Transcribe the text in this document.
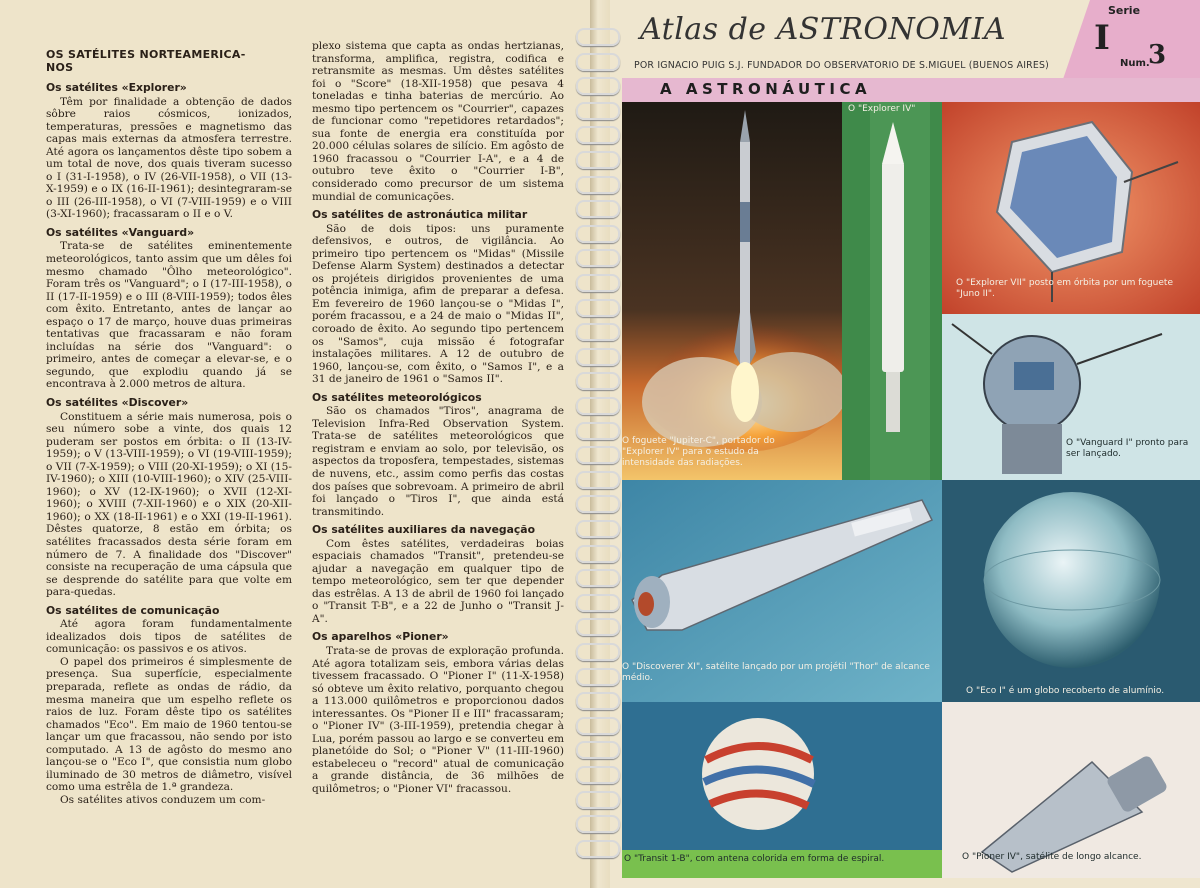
OS SATÉLITES NORTEAMERICA-
NOS
Os satélites «Explorer»

Têm por finalidade a obtenção de dados sôbre raios cósmicos, ionizados, temperaturas, pressões e magnetismo das capas mais externas da atmosfera terrestre. Até agora os lançamentos dêste tipo sobem a um total de nove, dos quais tiveram sucesso o I (31-I-1958), o IV (26-VII-1958), o VII (13-X-1959) e o IX (16-II-1961); desintegraram-se o III (26-III-1958), o VI (7-VIII-1959) e o VIII (3-XI-1960); fracassaram o II e o V.

Os satélites «Vanguard»

Trata-se de satélites eminentemente meteorológicos, tanto assim que um dêles foi mesmo chamado "Ôlho meteorológico". Foram três os "Vanguard"; o I (17-III-1958), o II (17-II-1959) e o III (8-VIII-1959); todos êles com êxito. Entretanto, antes de lançar ao espaço o 17 de março, houve duas primeiras tentativas que fracassaram e não foram incluídas na série dos "Vanguard": o primeiro, antes de começar a elevar-se, e o segundo, que explodiu quando já se encontrava à 2.000 metros de altura.

Os satélites «Discover»

Constituem a série mais numerosa, pois o seu número sobe a vinte, dos quais 12 puderam ser postos em órbita: o II (13-IV-1959); o V (13-VIII-1959); o VI (19-VIII-1959); o VII (7-X-1959); o VIII (20-XI-1959); o XI (15-IV-1960); o XIII (10-VIII-1960); o XIV (25-VIII-1960); o XV (12-IX-1960); o XVII (12-XI-1960); o XVIII (7-XII-1960) e o XIX (20-XII-1960); o XX (18-II-1961) e o XXI (19-II-1961). Dêstes quatorze, 8 estão em órbita; os satélites fracassados desta série foram em número de 7. A finalidade dos "Discover" consiste na recuperação de uma cápsula que se desprende do satélite para que volte em para-quedas.

Os satélites de comunicação

Até agora foram fundamentalmente idealizados dois tipos de satélites de comunicação: os passivos e os ativos.

O papel dos primeiros é simplesmente de presença. Sua superfície, especialmente preparada, reflete as ondas de rádio, da mesma maneira que um espelho reflete os raios de luz. Foram dêste tipo os satélites chamados "Eco". Em maio de 1960 tentou-se lançar um que fracassou, não sendo por isto computado. A 13 de agôsto do mesmo ano lançou-se o "Eco I", que consistia num globo iluminado de 30 metros de diâmetro, visível como uma estrêla de 1.ª grandeza.

Os satélites ativos conduzem um com-

plexo sistema que capta as ondas hertzianas, transforma, amplifica, registra, codifica e retransmite as mesmas. Um dêstes satélites foi o "Score" (18-XII-1958) que pesava 4 toneladas e tinha baterias de mercúrio. Ao mesmo tipo pertencem os "Courrier", capazes de funcionar como "repetidores retardados"; sua fonte de energia era constituída por 20.000 células solares de silício. Em agôsto de 1960 fracassou o "Courrier I-A", e a 4 de outubro teve êxito o "Courrier I-B", considerado como precursor de um sistema mundial de comunicações.

Os satélites de astronáutica militar

São de dois tipos: uns puramente defensivos, e outros, de vigilância. Ao primeiro tipo pertencem os "Midas" (Missile Defense Alarm System) destinados a detectar os projéteis dirigidos provenientes de uma potência inimiga, afim de preparar a defesa. Em fevereiro de 1960 lançou-se o "Midas I", porém fracassou, e a 24 de maio o "Midas II", coroado de êxito. Ao segundo tipo pertencem os "Samos", cuja missão é fotografar instalações militares. A 12 de outubro de 1960, lançou-se, com êxito, o "Samos I", e a 31 de janeiro de 1961 o "Samos II".

Os satélites meteorológicos

São os chamados "Tiros", anagrama de Television Infra-Red Observation System. Trata-se de satélites meteorológicos que registram e enviam ao solo, por televisão, os aspectos da troposfera, tempestades, sistemas de nuvens, etc., assim como perfis das costas dos países que sobrevoam. A primeiro de abril foi lançado o "Tiros I", que ainda está transmitindo.

Os satélites auxiliares da navegação

Com êstes satélites, verdadeiras boias espaciais chamados "Transit", pretendeu-se ajudar a navegação em qualquer tipo de tempo meteorológico, sem ter que depender das estrêlas. A 13 de abril de 1960 foi lançado o "Transit T-B", e a 22 de Junho o "Transit J-A".

Os aparelhos «Pioner»

Trata-se de provas de exploração profunda. Até agora totalizam seis, embora várias delas tivessem fracassado. O "Pioner I" (11-X-1958) só obteve um êxito relativo, porquanto chegou a 113.000 quilômetros e proporcionou dados interessantes. Os "Pioner II e III" fracassaram; o "Pioner IV" (3-III-1959), pretendia chegar à Lua, porém passou ao largo e se converteu em planetóide do Sol; o "Pioner V" (11-III-1960) estabeleceu o "record" atual de comunicação a grande distância, de 36 milhões de quilômetros; o "Pioner VI" fracassou.

Atlas de ASTRONOMIA
POR IGNACIO PUIG S.J. FUNDADOR DO OBSERVATORIO DE S.MIGUEL (BUENOS AIRES)
Serie
I
Num.
3
A ASTRONÁUTICA
O foguete "Jupiter-C", portador do "Explorer IV" para o estudo da intensidade das radiações.
O "Explorer IV"
O "Explorer VII" posto em órbita por um foguete "Juno II".
O "Vanguard I" pronto para ser lançado.
O "Discoverer XI", satélite lançado por um projétil "Thor" de alcance médio.
O "Eco I" é um globo recoberto de alumínio.
O "Transit 1-B", com antena colorida em forma de espiral.	O "Pioner IV", satélite de longo alcance.
